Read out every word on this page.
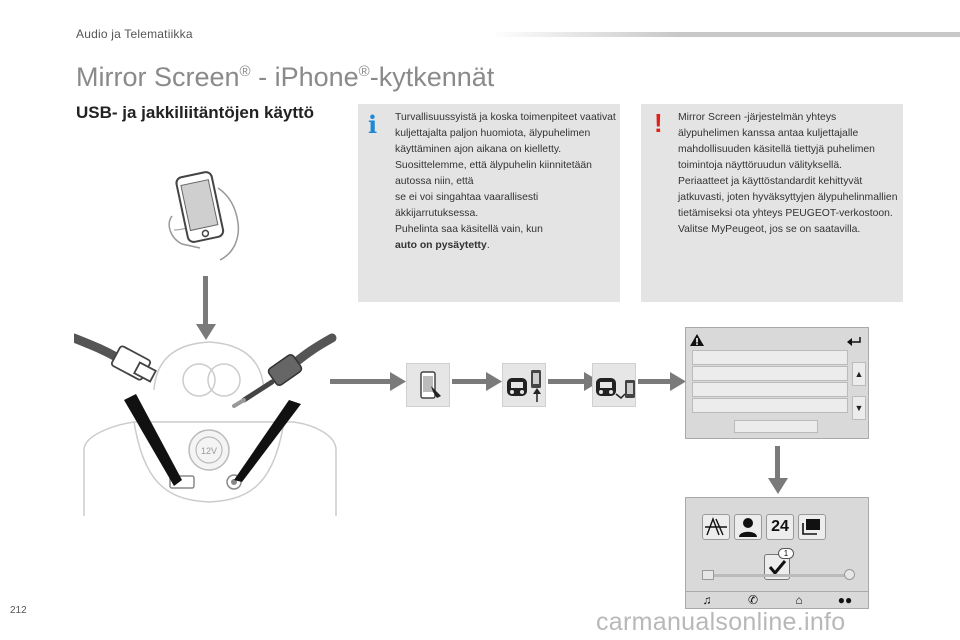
Audio ja Telematiikka
Mirror Screen® - iPhone®-kytkennät
USB- ja jakkiliitäntöjen käyttö i Turvallisuussyistä ja koska toimenpiteet vaativat kuljettajalta paljon huomiota, älypuhelimen käyttäminen ajon aikana on kielletty.
Suosittelemme, että älypuhelin kiinnitetään autossa niin, että
se ei voi singahtaa vaarallisesti äkkijarrutuksessa.
Puhelinta saa käsitellä vain, kun
auto on pysäytetty.

! Mirror Screen -järjestelmän yhteys älypuhelimen kanssa antaa kuljettajalle mahdollisuuden käsitellä tiettyjä puhelimen toimintoja näyttöruudun välityksellä.
Periaatteet ja käyttöstandardit kehittyvät jatkuvasti, joten hyväksyttyjen älypuhelinmallien tietämiseksi ota yhteys PEUGEOT-verkostoon. Valitse MyPeugeot, jos se on saatavilla.

12V
▲
▼
24
1
♫	✆	⌂	●●
212	carmanualsonline.info
